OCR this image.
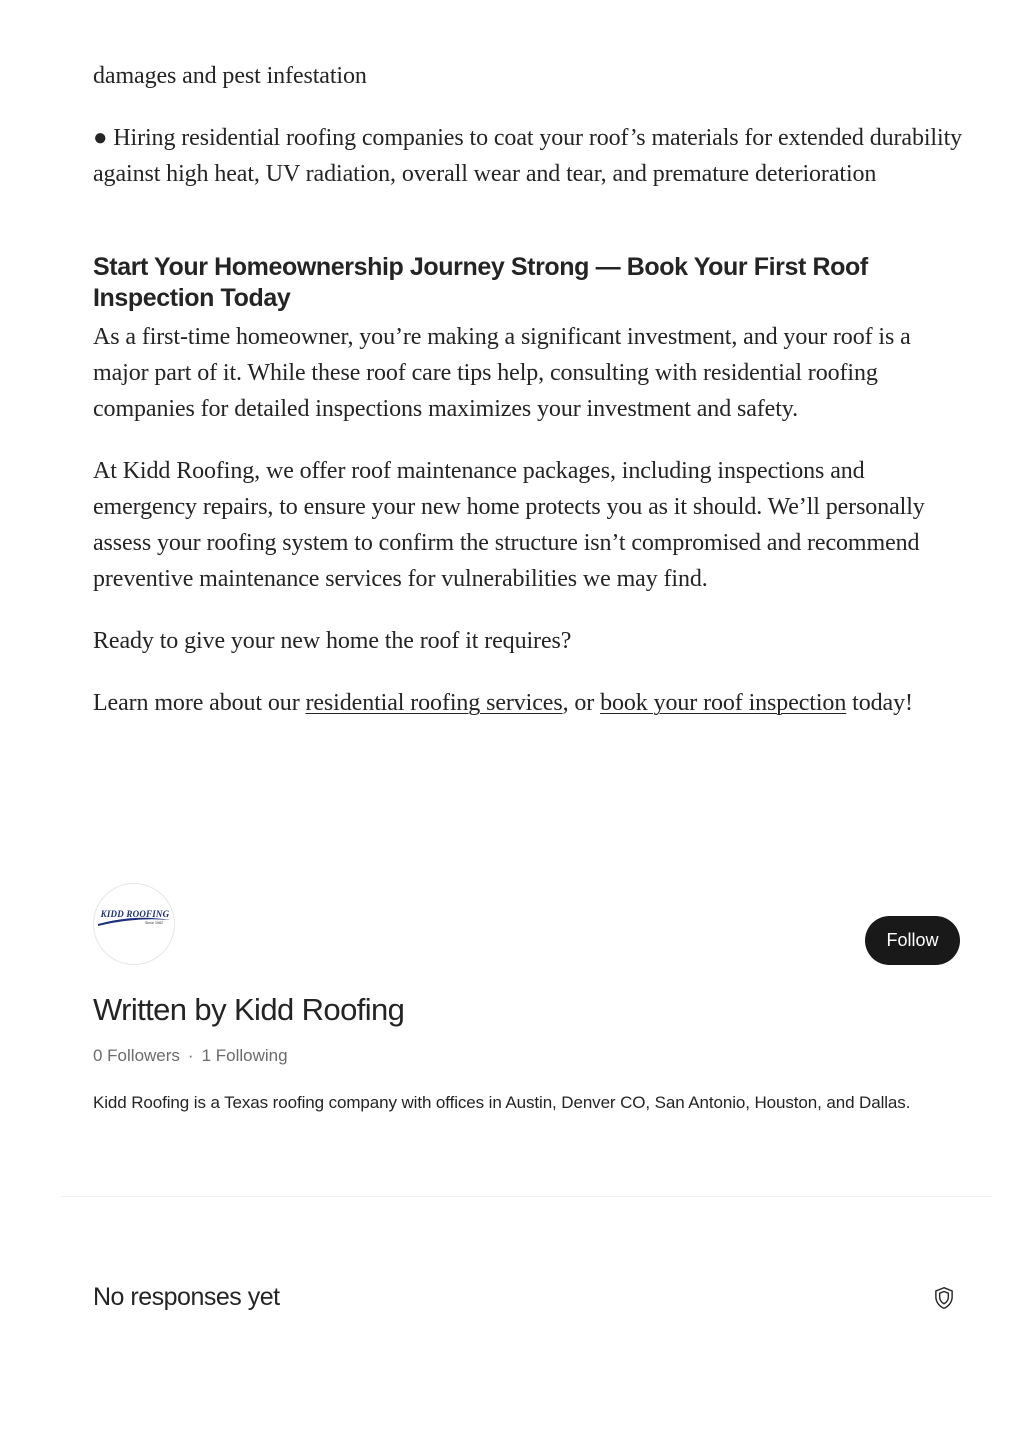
damages and pest infestation

● Hiring residential roofing companies to coat your roof’s materials for extended durability against high heat, UV radiation, overall wear and tear, and premature deterioration

Start Your Homeownership Journey Strong — Book Your First Roof Inspection Today

As a first-time homeowner, you’re making a significant investment, and your roof is a major part of it. While these roof care tips help, consulting with residential roofing companies for detailed inspections maximizes your investment and safety.

At Kidd Roofing, we offer roof maintenance packages, including inspections and emergency repairs, to ensure your new home protects you as it should. We’ll personally assess your roofing system to confirm the structure isn’t compromised and recommend preventive maintenance services for vulnerabilities we may find.

Ready to give your new home the roof it requires?

Learn more about our residential roofing services, or book your roof inspection today!

KIDD ROOFING
Since 1982
Follow
Written by Kidd Roofing
0 Followers · 1 Following

Kidd Roofing is a Texas roofing company with offices in Austin, Denver CO, San Antonio, Houston, and Dallas.

No responses yet
